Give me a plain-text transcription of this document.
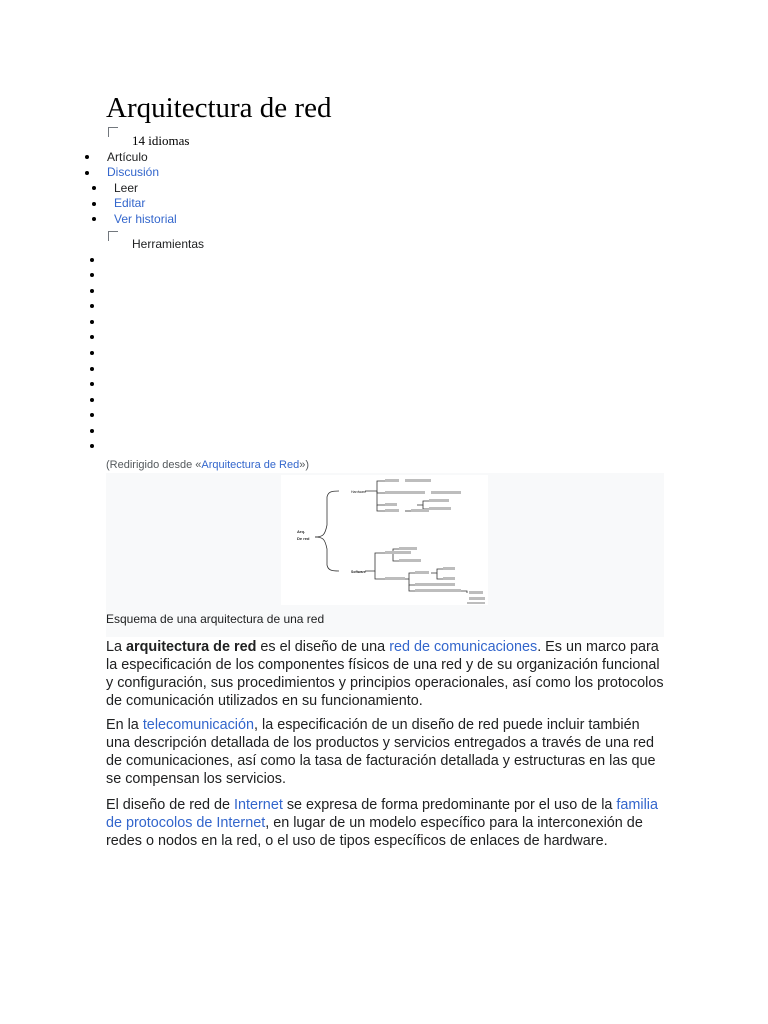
Arquitectura de red
14 idiomas
Artículo
Discusión
Leer
Editar
Ver historial
Herramientas
(Redirigido desde «Arquitectura de Red»)
Arq.
De red
Hardware
Software
Esquema de una arquitectura de una red

La arquitectura de red es el diseño de una red de comunicaciones. Es un marco para la especificación de los componentes físicos de una red y de su organización funcional y configuración, sus procedimientos y principios operacionales, así como los protocolos de comunicación utilizados en su funcionamiento.

En la telecomunicación, la especificación de un diseño de red puede incluir también una descripción detallada de los productos y servicios entregados a través de una red de comunicaciones, así como la tasa de facturación detallada y estructuras en las que se compensan los servicios.

El diseño de red de Internet se expresa de forma predominante por el uso de la familia de protocolos de Internet, en lugar de un modelo específico para la interconexión de redes o nodos en la red, o el uso de tipos específicos de enlaces de hardware.
